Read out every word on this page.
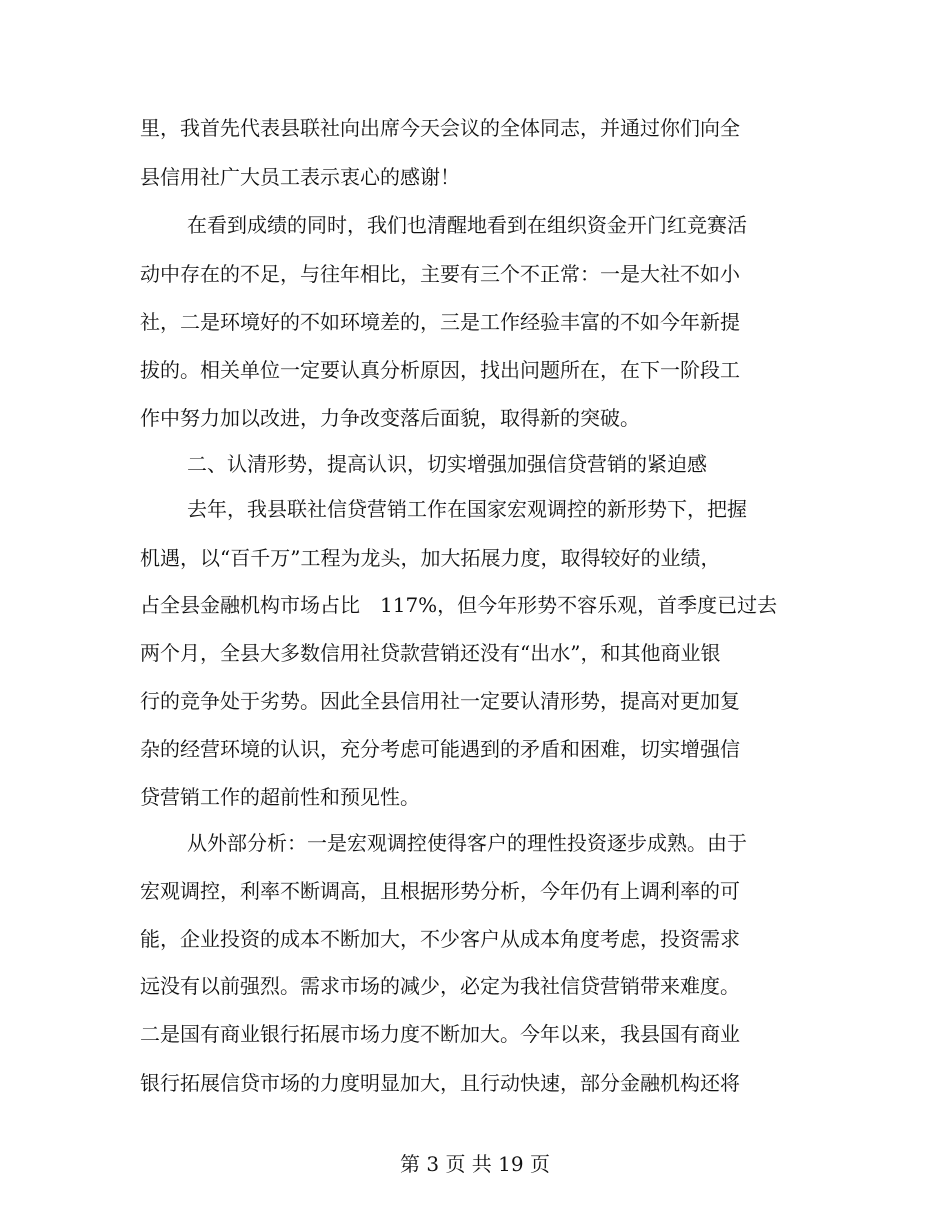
里，我首先代表县联社向出席今天会议的全体同志，并通过你们向全
县信用社广大员工表示衷心的感谢！
在看到成绩的同时，我们也清醒地看到在组织资金开门红竞赛活
动中存在的不足，与往年相比，主要有三个不正常：一是大社不如小
社，二是环境好的不如环境差的，三是工作经验丰富的不如今年新提
拔的。相关单位一定要认真分析原因，找出问题所在，在下一阶段工
作中努力加以改进，力争改变落后面貌，取得新的突破。
二、认清形势，提高认识，切实增强加强信贷营销的紧迫感
去年，我县联社信贷营销工作在国家宏观调控的新形势下，把握
机遇，以“百千万”工程为龙头，加大拓展力度，取得较好的业绩，
占全县金融机构市场占比　117%，但今年形势不容乐观，首季度已过去
两个月，全县大多数信用社贷款营销还没有“出水”，和其他商业银
行的竞争处于劣势。因此全县信用社一定要认清形势，提高对更加复
杂的经营环境的认识，充分考虑可能遇到的矛盾和困难，切实增强信
贷营销工作的超前性和预见性。
从外部分析：一是宏观调控使得客户的理性投资逐步成熟。由于
宏观调控，利率不断调高，且根据形势分析，今年仍有上调利率的可
能，企业投资的成本不断加大，不少客户从成本角度考虑，投资需求
远没有以前强烈。需求市场的减少，必定为我社信贷营销带来难度。
二是国有商业银行拓展市场力度不断加大。今年以来，我县国有商业
银行拓展信贷市场的力度明显加大，且行动快速，部分金融机构还将
第 3 页 共 19 页
